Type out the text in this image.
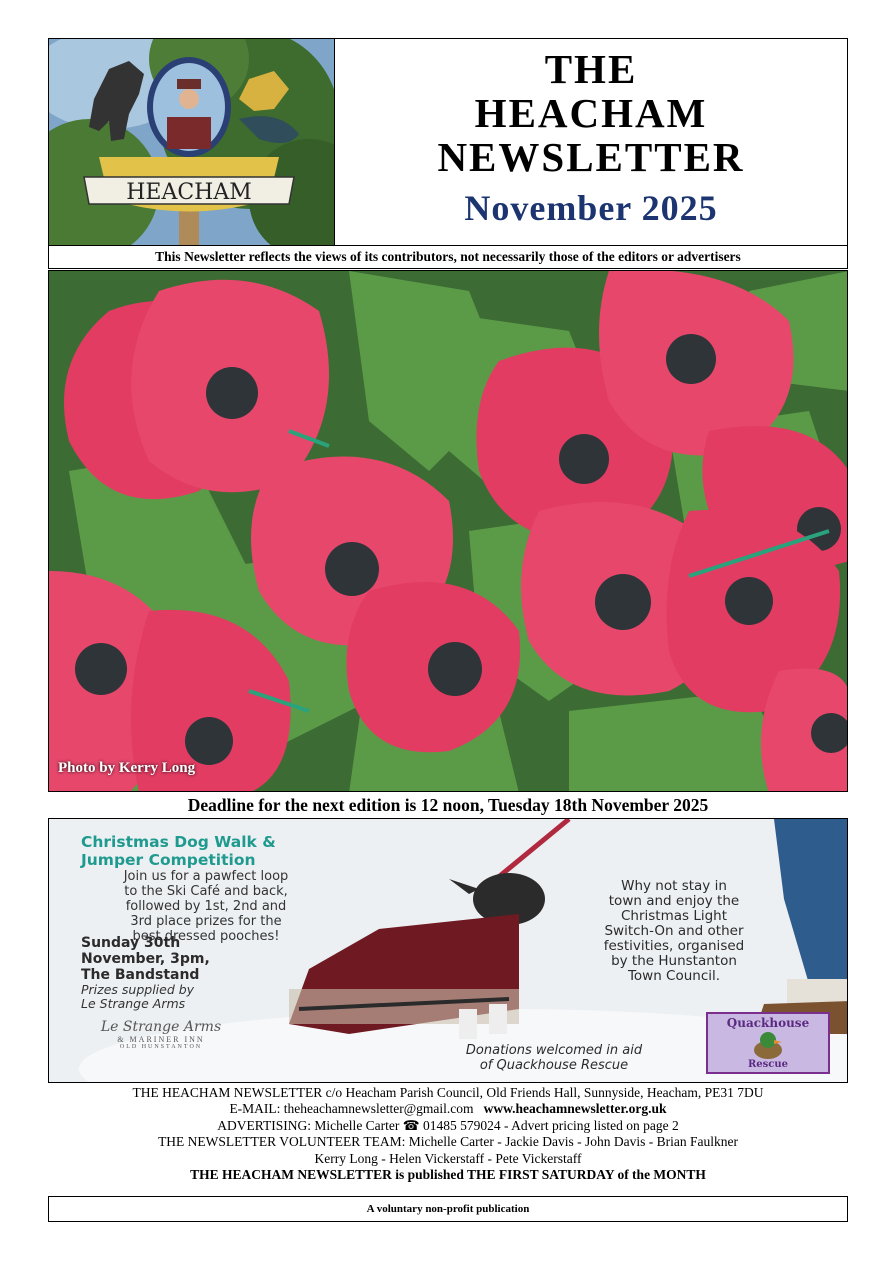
HEACHAM
THE
HEACHAM
NEWSLETTER
November 2025
This Newsletter reflects the views of its contributors, not necessarily those of the editors or advertisers
Photo by Kerry Long
Deadline for the next edition is 12 noon, Tuesday 18th November 2025
Christmas Dog Walk &
Jumper Competition
Join us for a pawfect loop
to the Ski Café and back,
followed by 1st, 2nd and
3rd place prizes for the
best dressed pooches!
Sunday 30th
November, 3pm,
The Bandstand
Prizes supplied by
Le Strange Arms
Le Strange Arms
& MARINER INN
OLD HUNSTANTON
Why not stay in
town and enjoy the
Christmas Light
Switch-On and other
festivities, organised
by the Hunstanton
Town Council.
Donations welcomed in aid
of Quackhouse Rescue
Quackhouse
Rescue
THE HEACHAM NEWSLETTER c/o Heacham Parish Council, Old Friends Hall, Sunnyside, Heacham, PE31 7DU
E-MAIL: theheachamnewsletter@gmail.com www.heachamnewsletter.org.uk
ADVERTISING: Michelle Carter ☎ 01485 579024 - Advert pricing listed on page 2
THE NEWSLETTER VOLUNTEER TEAM: Michelle Carter - Jackie Davis - John Davis - Brian Faulkner
Kerry Long - Helen Vickerstaff - Pete Vickerstaff
THE HEACHAM NEWSLETTER is published THE FIRST SATURDAY of the MONTH
A voluntary non-profit publication
